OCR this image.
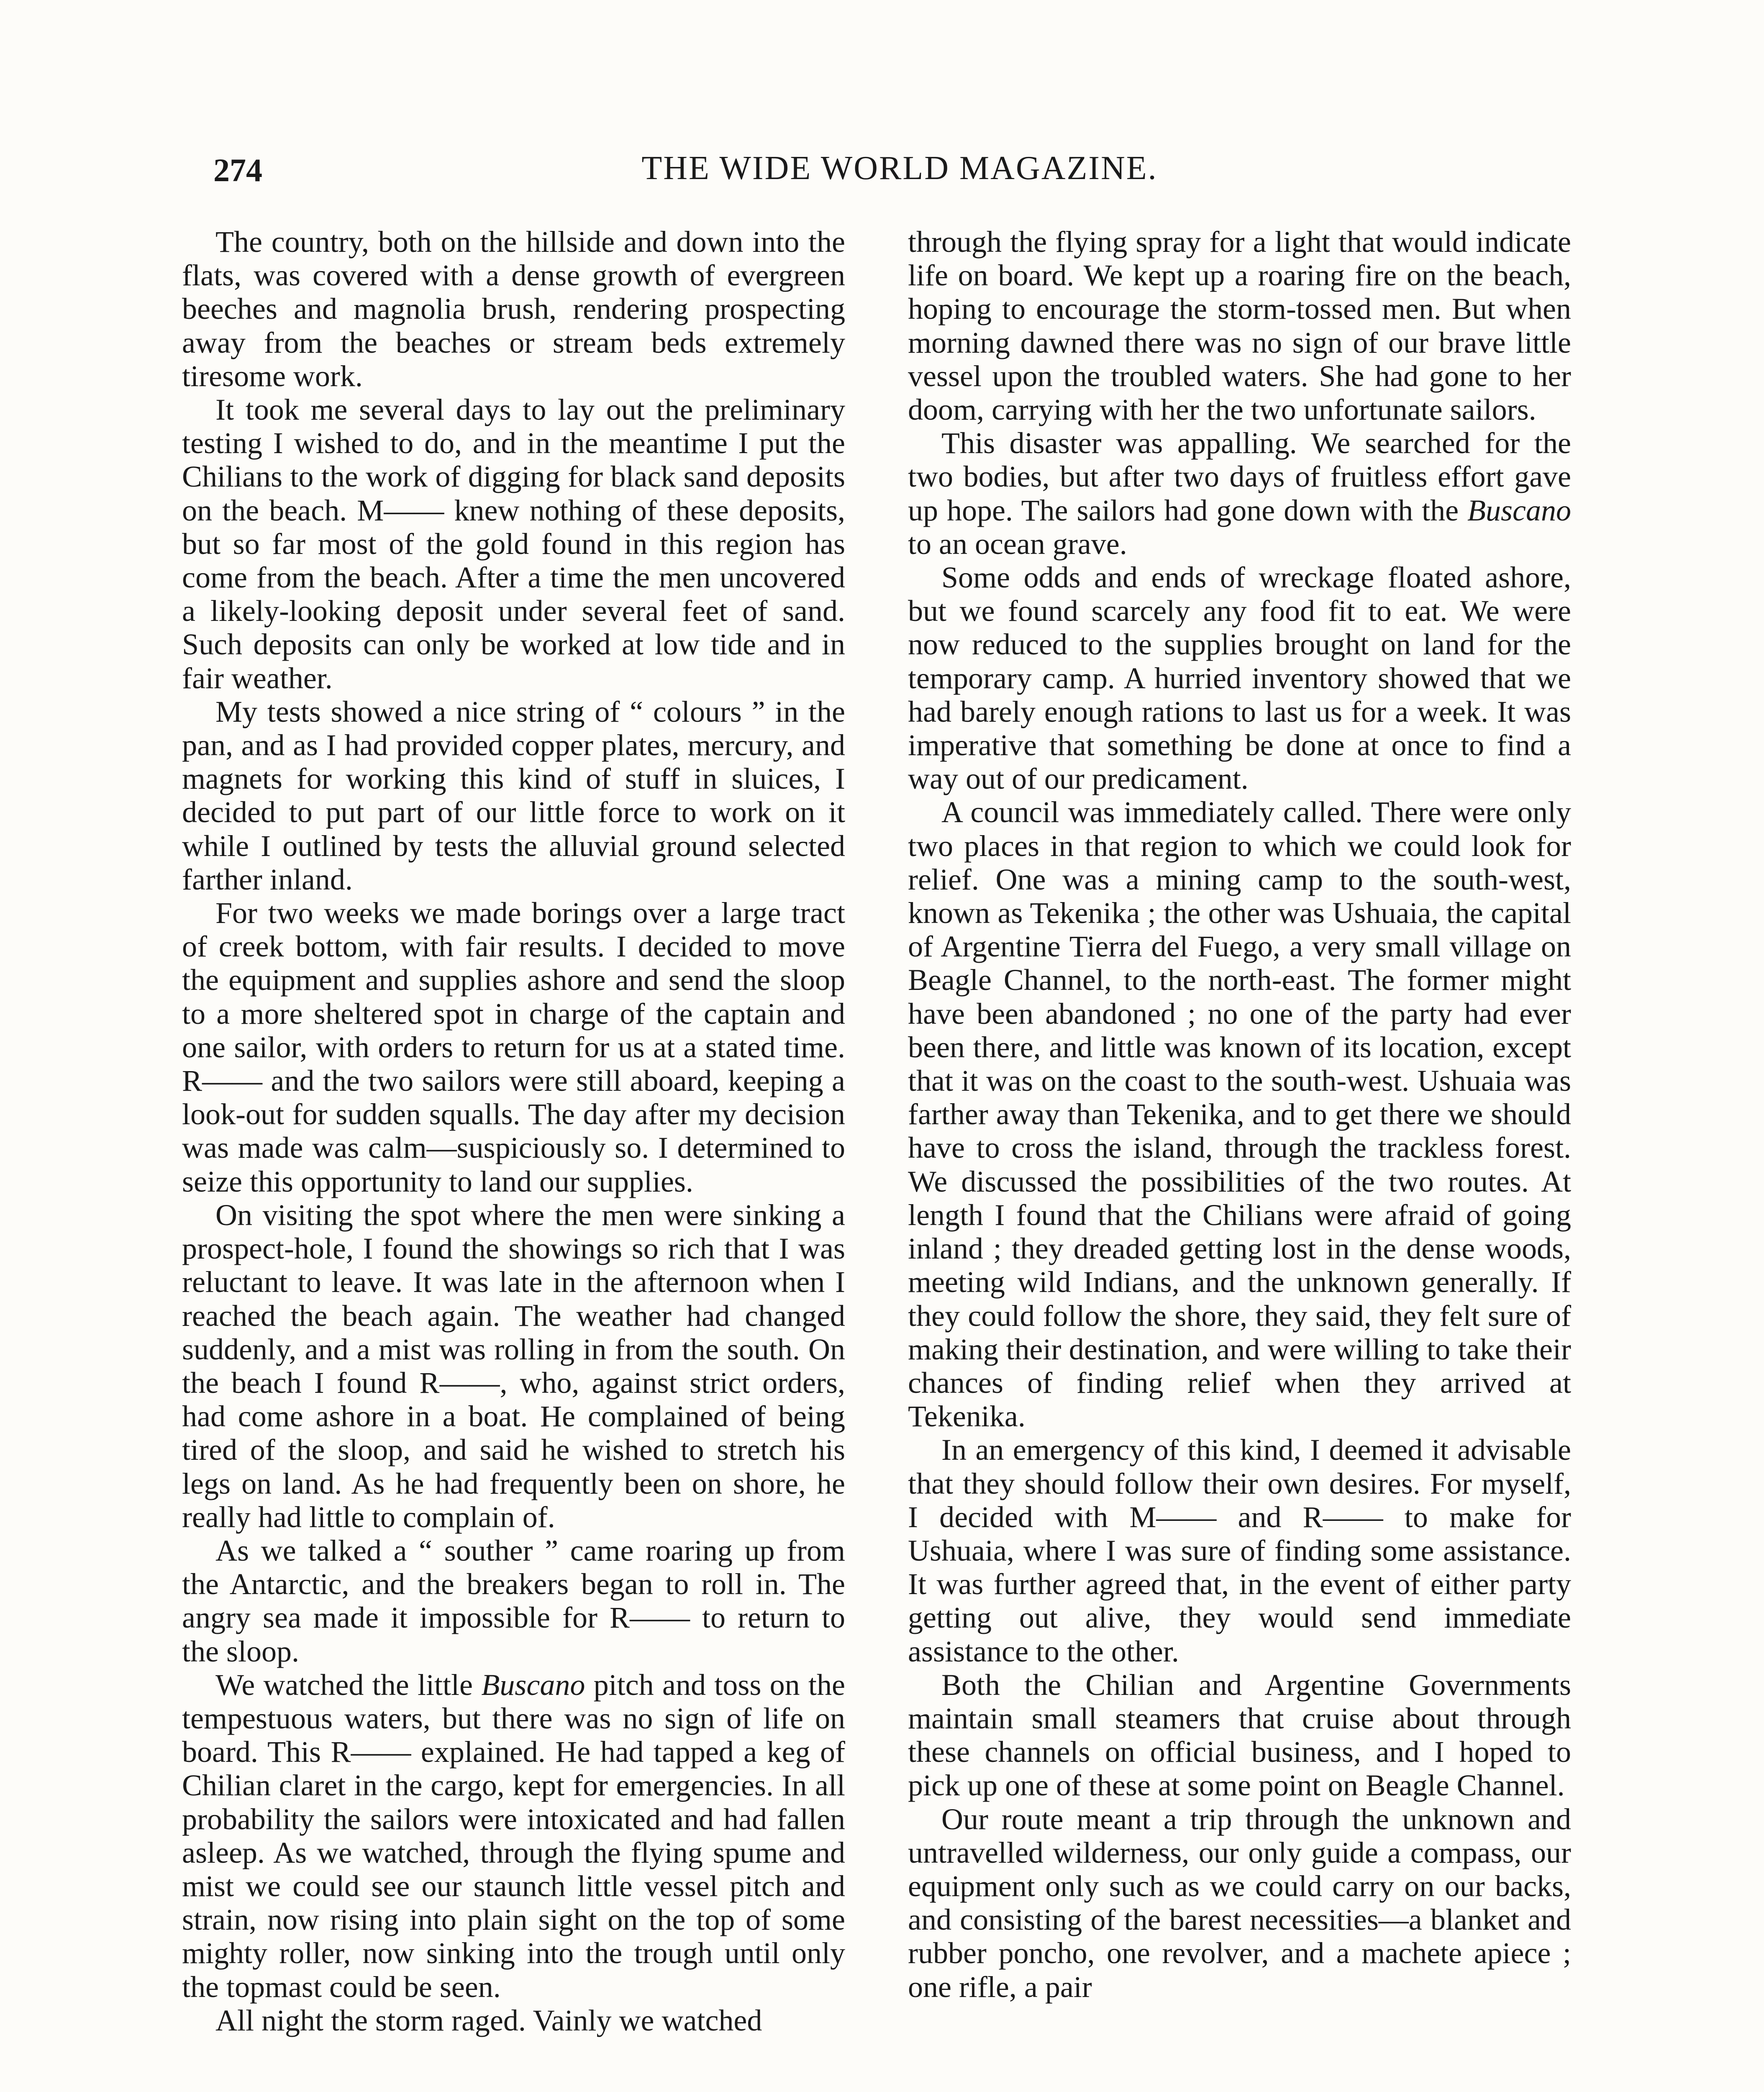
274	THE WIDE WORLD MAGAZINE.

The country, both on the hillside and down into the flats, was covered with a dense growth of evergreen beeches and magnolia brush, rendering prospecting away from the beaches or stream beds extremely tiresome work.

It took me several days to lay out the preliminary testing I wished to do, and in the meantime I put the Chilians to the work of digging for black sand deposits on the beach. M—— knew nothing of these deposits, but so far most of the gold found in this region has come from the beach. After a time the men uncovered a likely-looking deposit under several feet of sand. Such deposits can only be worked at low tide and in fair weather.

My tests showed a nice string of “ colours ” in the pan, and as I had provided copper plates, mercury, and magnets for working this kind of stuff in sluices, I decided to put part of our little force to work on it while I outlined by tests the alluvial ground selected farther inland.

For two weeks we made borings over a large tract of creek bottom, with fair results. I decided to move the equipment and supplies ashore and send the sloop to a more sheltered spot in charge of the captain and one sailor, with orders to return for us at a stated time. R—— and the two sailors were still aboard, keeping a look-out for sudden squalls. The day after my decision was made was calm—suspiciously so. I determined to seize this opportunity to land our supplies.

On visiting the spot where the men were sinking a prospect-hole, I found the showings so rich that I was reluctant to leave. It was late in the afternoon when I reached the beach again. The weather had changed suddenly, and a mist was rolling in from the south. On the beach I found R——, who, against strict orders, had come ashore in a boat. He complained of being tired of the sloop, and said he wished to stretch his legs on land. As he had frequently been on shore, he really had little to complain of.

As we talked a “ souther ” came roaring up from the Antarctic, and the breakers began to roll in. The angry sea made it impossible for R—— to return to the sloop.

We watched the little Buscano pitch and toss on the tempestuous waters, but there was no sign of life on board. This R—— explained. He had tapped a keg of Chilian claret in the cargo, kept for emergencies. In all probability the sailors were intoxicated and had fallen asleep. As we watched, through the flying spume and mist we could see our staunch little vessel pitch and strain, now rising into plain sight on the top of some mighty roller, now sinking into the trough until only the topmast could be seen.

All night the storm raged. Vainly we watched

through the flying spray for a light that would indicate life on board. We kept up a roaring fire on the beach, hoping to encourage the storm-tossed men. But when morning dawned there was no sign of our brave little vessel upon the troubled waters. She had gone to her doom, carrying with her the two unfortunate sailors.

This disaster was appalling. We searched for the two bodies, but after two days of fruitless effort gave up hope. The sailors had gone down with the Buscano to an ocean grave.

Some odds and ends of wreckage floated ashore, but we found scarcely any food fit to eat. We were now reduced to the supplies brought on land for the temporary camp. A hurried inventory showed that we had barely enough rations to last us for a week. It was imperative that something be done at once to find a way out of our predicament.

A council was immediately called. There were only two places in that region to which we could look for relief. One was a mining camp to the south-west, known as Tekenika ; the other was Ushuaia, the capital of Argentine Tierra del Fuego, a very small village on Beagle Channel, to the north-east. The former might have been abandoned ; no one of the party had ever been there, and little was known of its location, except that it was on the coast to the south-west. Ushuaia was farther away than Tekenika, and to get there we should have to cross the island, through the trackless forest. We discussed the possibilities of the two routes. At length I found that the Chilians were afraid of going inland ; they dreaded getting lost in the dense woods, meeting wild Indians, and the unknown generally. If they could follow the shore, they said, they felt sure of making their destination, and were willing to take their chances of finding relief when they arrived at Tekenika.

In an emergency of this kind, I deemed it advisable that they should follow their own desires. For myself, I decided with M—— and R—— to make for Ushuaia, where I was sure of finding some assistance. It was further agreed that, in the event of either party getting out alive, they would send immediate assistance to the other.

Both the Chilian and Argentine Governments maintain small steamers that cruise about through these channels on official business, and I hoped to pick up one of these at some point on Beagle Channel.

Our route meant a trip through the unknown and untravelled wilderness, our only guide a compass, our equipment only such as we could carry on our backs, and consisting of the barest necessities—a blanket and rubber poncho, one revolver, and a machete apiece ; one rifle, a pair
